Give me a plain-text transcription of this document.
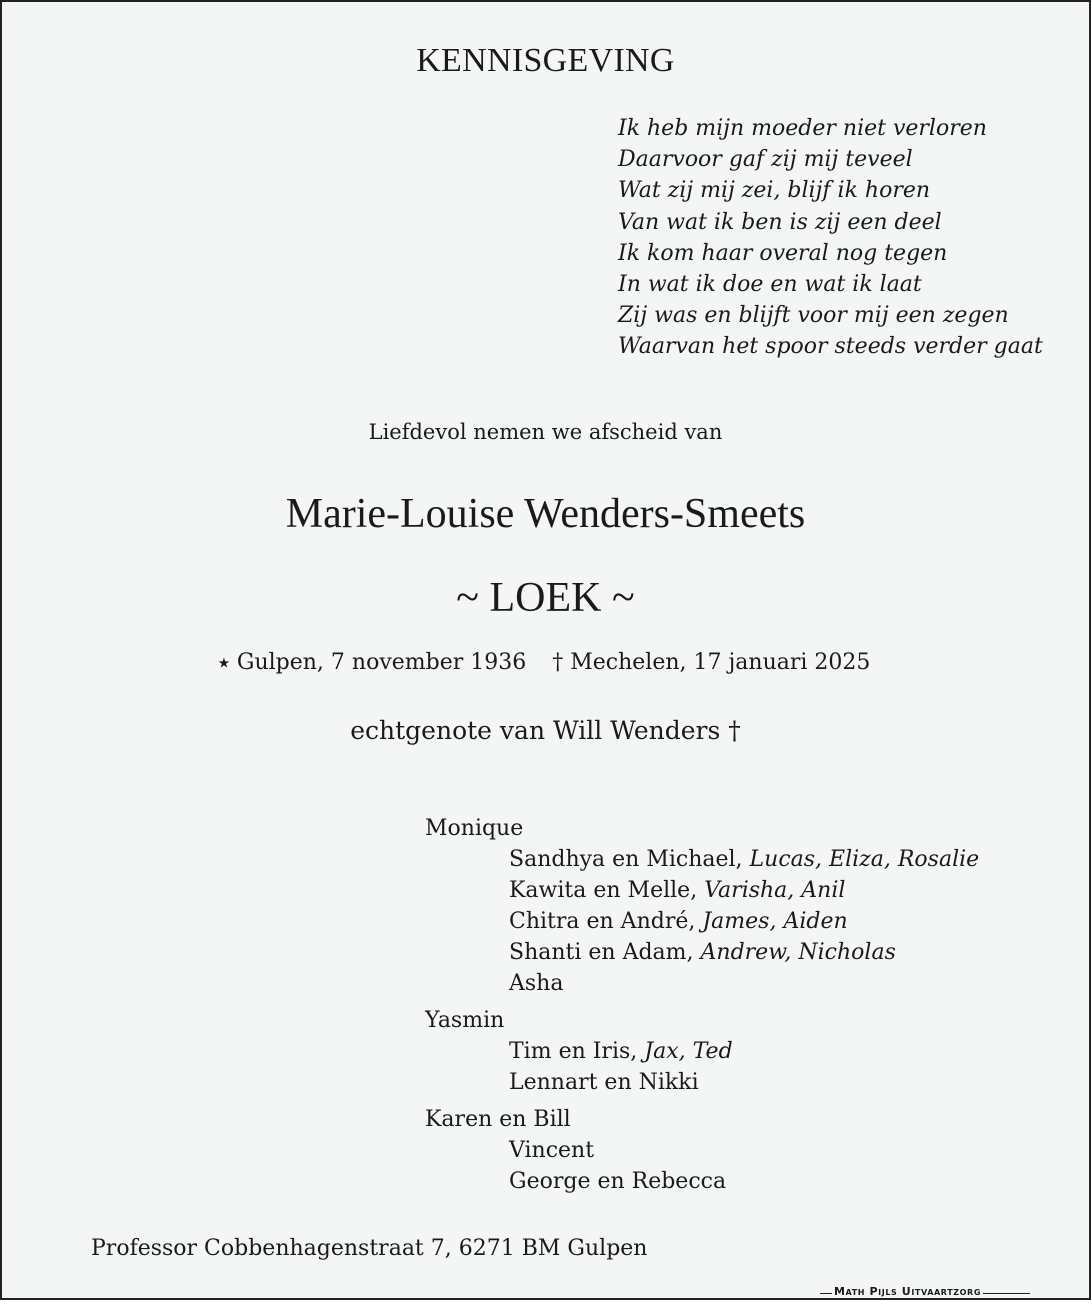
KENNISGEVING
Ik heb mijn moeder niet verloren
Daarvoor gaf zij mij teveel
Wat zij mij zei, blijf ik horen
Van wat ik ben is zij een deel
Ik kom haar overal nog tegen
In wat ik doe en wat ik laat
Zij was en blijft voor mij een zegen
Waarvan het spoor steeds verder gaat
Liefdevol nemen we afscheid van
Marie-Louise Wenders-Smeets
~ LOEK ~
⭑ Gulpen, 7 november 1936 † Mechelen, 17 januari 2025
echtgenote van Will Wenders †
Monique
Sandhya en Michael, Lucas, Eliza, Rosalie
Kawita en Melle, Varisha, Anil
Chitra en André, James, Aiden
Shanti en Adam, Andrew, Nicholas
Asha
Yasmin
Tim en Iris, Jax, Ted
Lennart en Nikki
Karen en Bill
Vincent
George en Rebecca
Professor Cobbenhagenstraat 7, 6271 BM Gulpen
Math Pijls Uitvaartzorg
